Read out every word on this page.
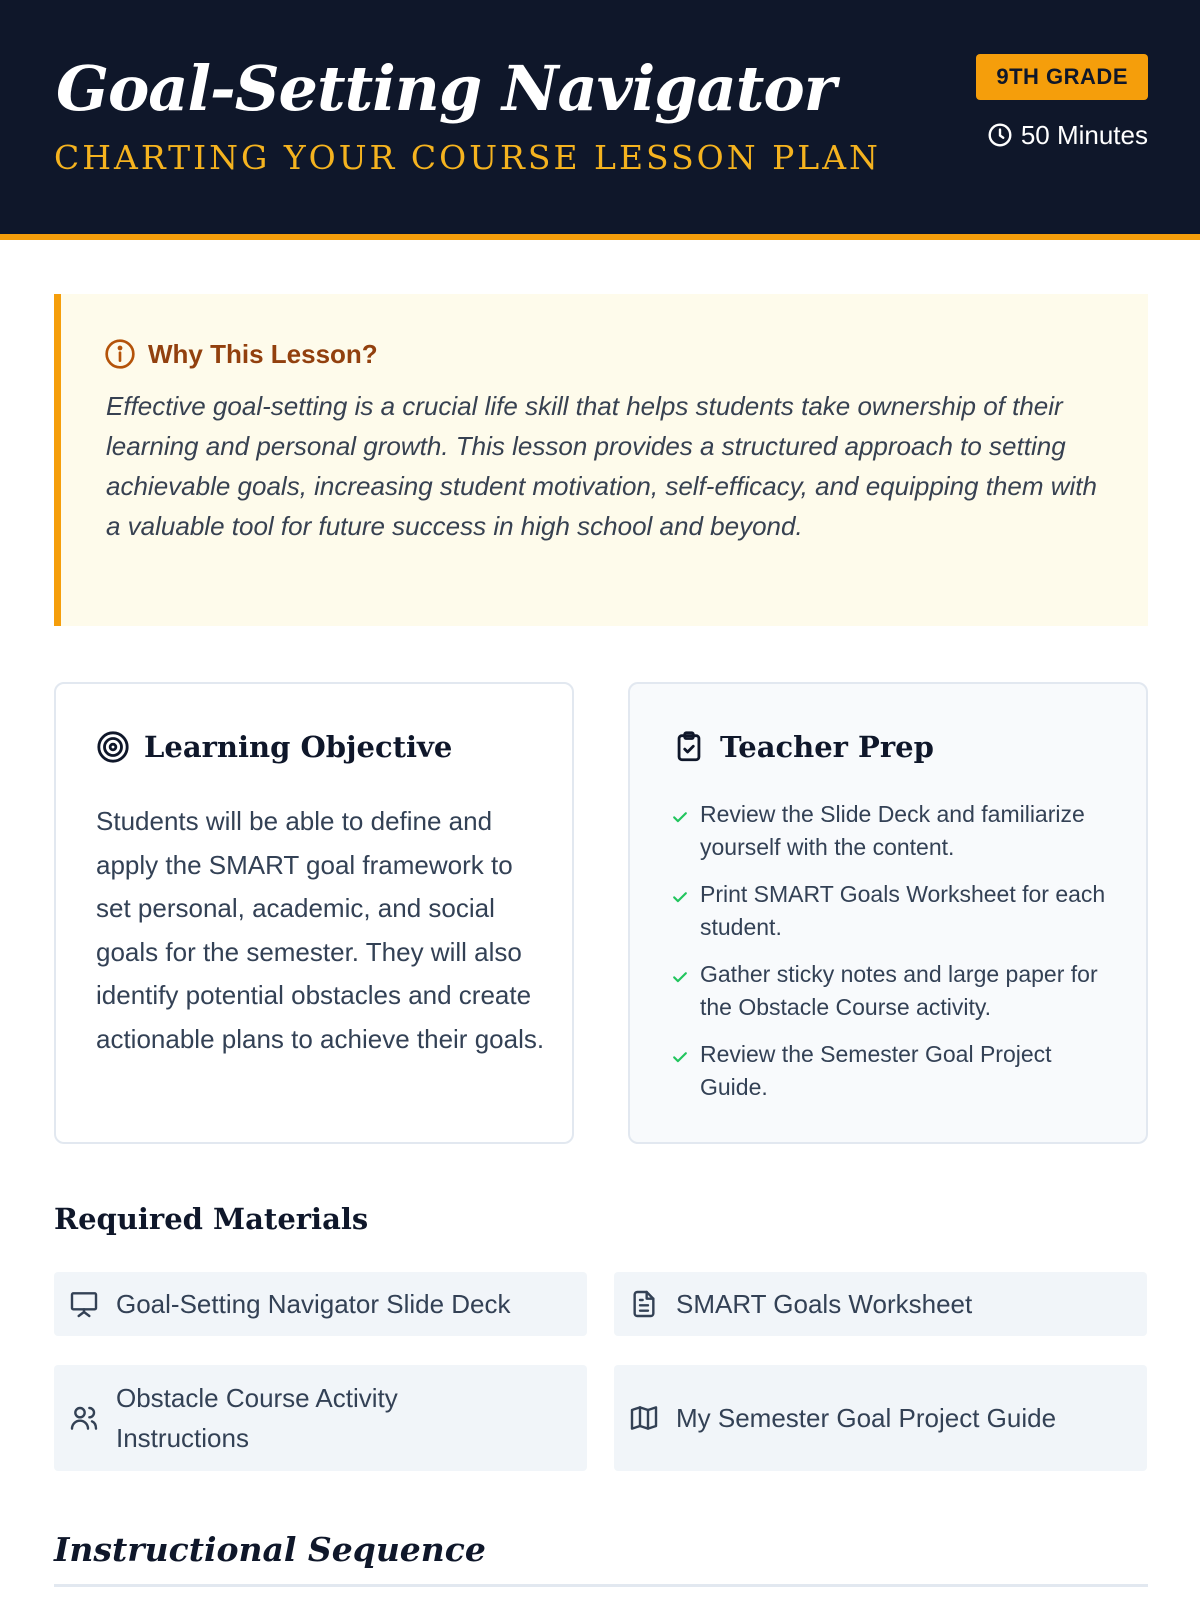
Goal-Setting Navigator
CHARTING YOUR COURSE LESSON PLAN
9TH GRADE
50 Minutes
Why This Lesson?

Effective goal-setting is a crucial life skill that helps students take ownership of their learning and personal growth. This lesson provides a structured approach to setting achievable goals, increasing student motivation, self-efficacy, and equipping them with a valuable tool for future success in high school and beyond.

Learning Objective

Students will be able to define and apply the SMART goal framework to set personal, academic, and social goals for the semester. They will also identify potential obstacles and create actionable plans to achieve their goals.

Teacher Prep
Review the Slide Deck and familiarize yourself with the content.
Print SMART Goals Worksheet for each student.
Gather sticky notes and large paper for the Obstacle Course activity.
Review the Semester Goal Project Guide.
Required Materials
Goal-Setting Navigator Slide Deck	SMART Goals Worksheet
Obstacle Course Activity Instructions
My Semester Goal Project Guide
Instructional Sequence
